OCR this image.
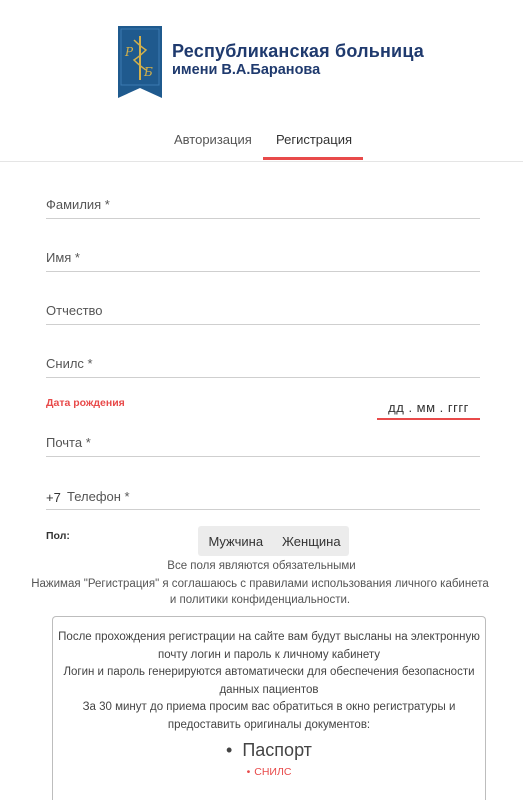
Р
Б
Республиканская больница
имени В.А.Баранова
Авторизация Регистрация
Фамилия *
Имя *
Отчество
Снилс *
Дата рождения	дд . мм . гггг
Почта *
+7 Телефон *
Пол:	Мужчина	Женщина
Все поля являются обязательными
Нажимая "Регистрация" я соглашаюсь с правилами использования личного кабинета и политики конфиденциальности.
После прохождения регистрации на сайте вам будут высланы на электронную почту логин и пароль к личному кабинету
Логин и пароль генерируются автоматически для обеспечения безопасности данных пациентов
За 30 минут до приема просим вас обратиться в окно регистратуры и предоставить оригиналы документов:
• Паспорт
• СНИЛС
